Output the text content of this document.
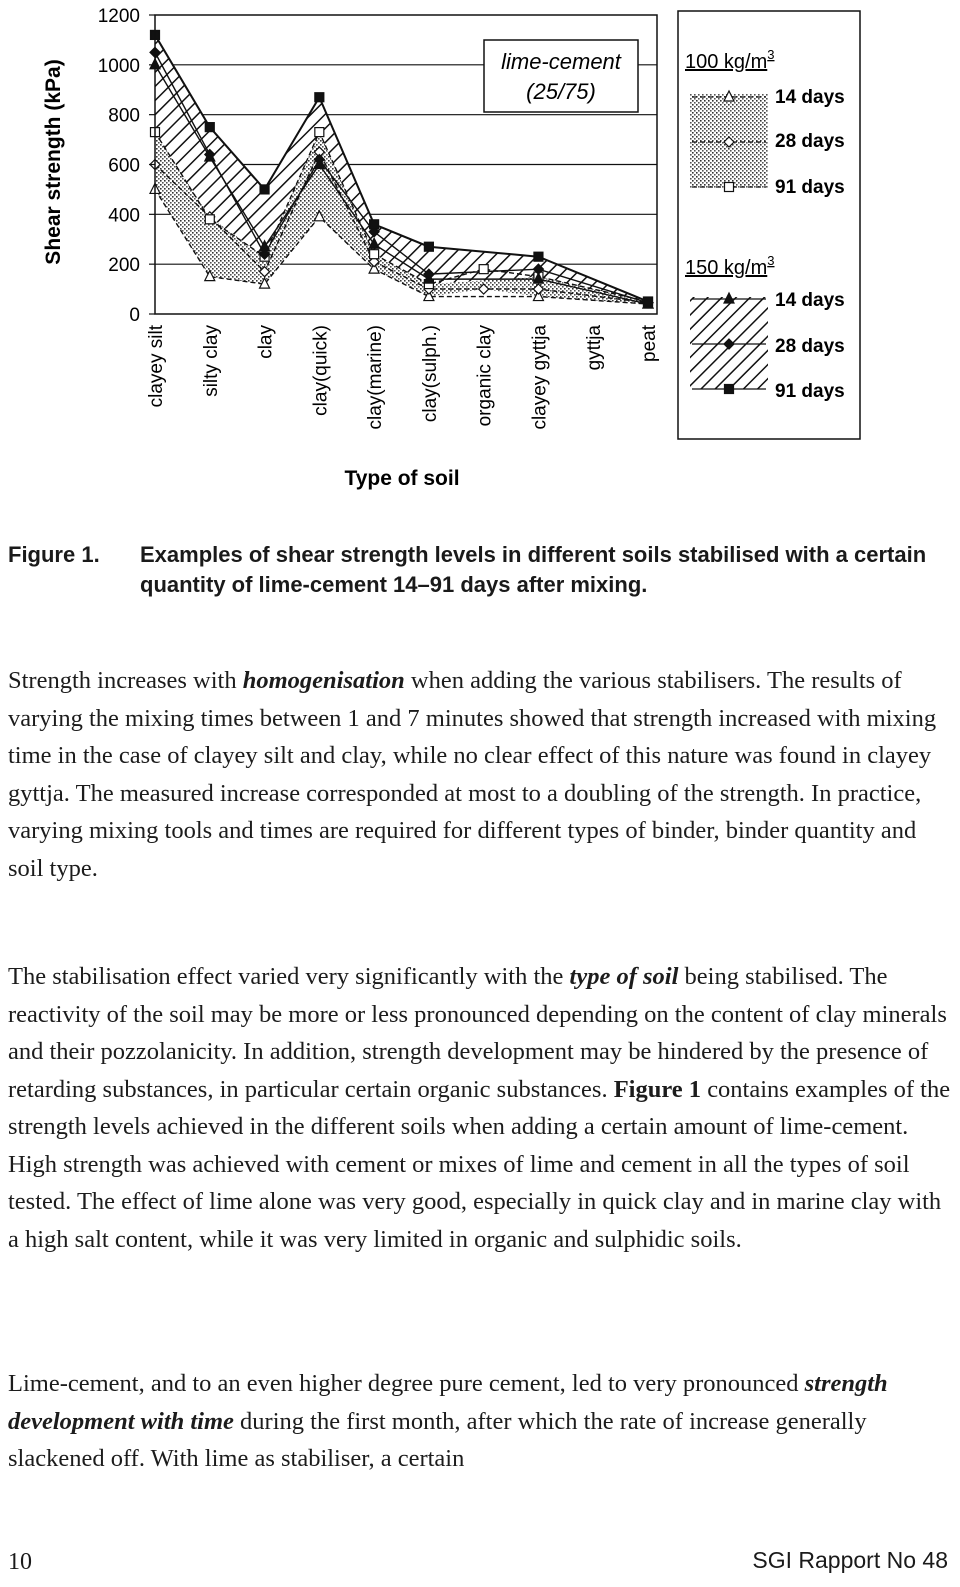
0
200
400
600
800
1000
1200
clayey silt silty clay clay clay(quick) clay(marine) clay(sulph.) organic clay clayey gyttja gyttja peat
lime-cement
(25/75)
Shear strength (kPa)
Type of soil
100 $kg/m^3$
14 days
28 days
91 days
150 $kg/m^3$
14 days
28 days
91 days
Figure 1. Examples of shear strength levels in different soils stabilised with a certain quantity of lime-cement 14–91 days after mixing.

Strength increases with homogenisation when adding the various stabilisers. The results of varying the mixing times between 1 and 7 minutes showed that strength increased with mixing time in the case of clayey silt and clay, while no clear effect of this nature was found in clayey gyttja. The measured increase corresponded at most to a doubling of the strength. In practice, varying mixing tools and times are required for different types of binder, binder quantity and soil type.

The stabilisation effect varied very significantly with the type of soil being stabilised. The reactivity of the soil may be more or less pronounced depending on the content of clay minerals and their pozzolanicity. In addition, strength development may be hindered by the presence of retarding substances, in particular certain organic substances. Figure 1 contains examples of the strength levels achieved in the different soils when adding a certain amount of lime-cement. High strength was achieved with cement or mixes of lime and cement in all the types of soil tested. The effect of lime alone was very good, especially in quick clay and in marine clay with a high salt content, while it was very limited in organic and sulphidic soils.

Lime-cement, and to an even higher degree pure cement, led to very pronounced strength development with time during the first month, after which the rate of increase generally slackened off. With lime as stabiliser, a certain

10	SGI Rapport No 48
